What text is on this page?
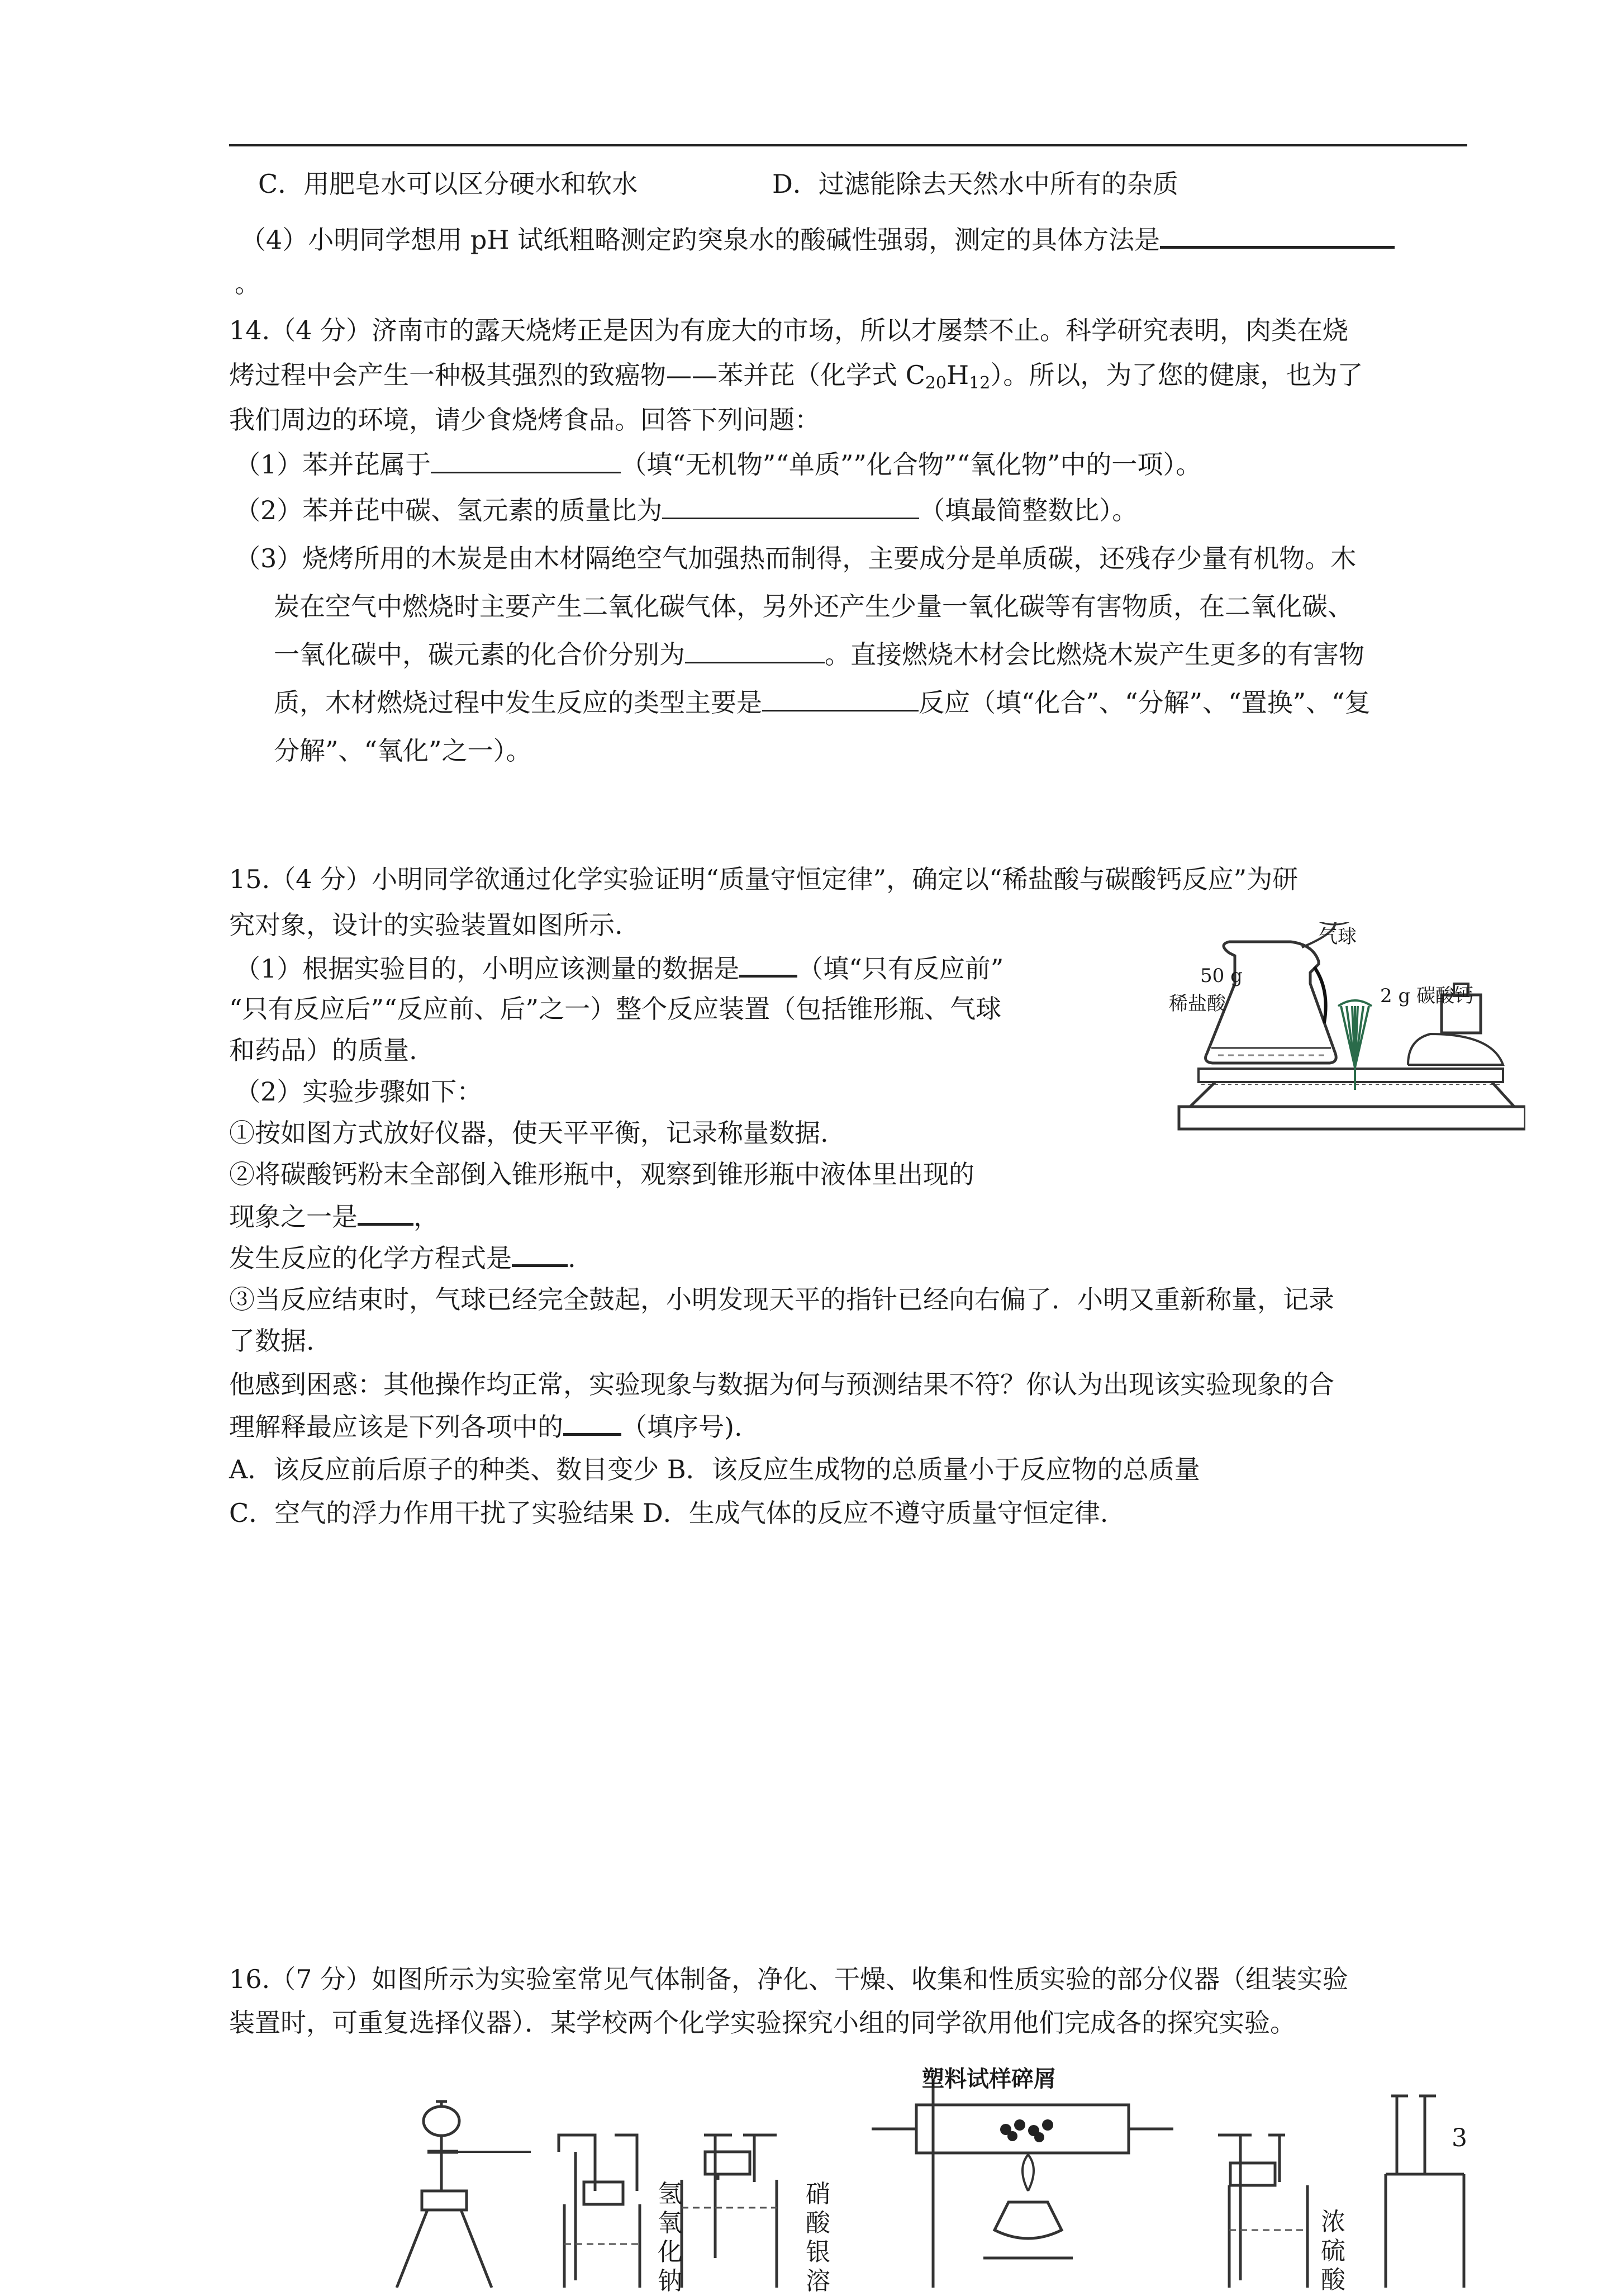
C．用肥皂水可以区分硬水和软水	D．过滤能除去天然水中所有的杂质
（4）小明同学想用 pH 试纸粗略测定趵突泉水的酸碱性强弱，测定的具体方法是
。
14.（4 分）济南市的露天烧烤正是因为有庞大的市场，所以才屡禁不止。科学研究表明，肉类在烧
烤过程中会产生一种极其强烈的致癌物——苯并芘（化学式 $C_{20}H_{12}$）。所以，为了您的健康，也为了
我们周边的环境，请少食烧烤食品。回答下列问题：
（1）苯并芘属于	（填“无机物”“单质””化合物”“氧化物”中的一项）。
（2）苯并芘中碳、氢元素的质量比为	（填最简整数比）。
（3）烧烤所用的木炭是由木材隔绝空气加强热而制得，主要成分是单质碳，还残存少量有机物。木
炭在空气中燃烧时主要产生二氧化碳气体，另外还产生少量一氧化碳等有害物质，在二氧化碳、
一氧化碳中，碳元素的化合价分别为	。直接燃烧木材会比燃烧木炭产生更多的有害物
质，木材燃烧过程中发生反应的类型主要是	反应（填“化合”、“分解”、“置换”、“复
分解”、“氧化”之一）。
15.（4 分）小明同学欲通过化学实验证明“质量守恒定律”，确定以“稀盐酸与碳酸钙反应”为研
究对象，设计的实验装置如图所示.
（1）根据实验目的，小明应该测量的数据是 （填“只有反应前”
“只有反应后”“反应前、后”之一）整个反应装置（包括锥形瓶、气球
和药品）的质量.
（2）实验步骤如下：
①按如图方式放好仪器，使天平平衡，记录称量数据.
②将碳酸钙粉末全部倒入锥形瓶中，观察到锥形瓶中液体里出现的
现象之一是 ，
发生反应的化学方程式是 .
③当反应结束时，气球已经完全鼓起，小明发现天平的指针已经向右偏了．小明又重新称量，记录
了数据.
他感到困惑：其他操作均正常，实验现象与数据为何与预测结果不符？你认为出现该实验现象的合
理解释最应该是下列各项中的 （填序号).
A．该反应前后原子的种类、数目变少 B．该反应生成物的总质量小于反应物的总质量
C．空气的浮力作用干扰了实验结果 D．生成气体的反应不遵守质量守恒定律.
气球
50 g
稀盐酸	2 g 碳酸钙
16.（7 分）如图所示为实验室常见气体制备，净化、干燥、收集和性质实验的部分仪器（组装实验
装置时，可重复选择仪器）．某学校两个化学实验探究小组的同学欲用他们完成各的探究实验。
塑料试样碎屑
氢
氧
化
钠
硝
酸
银
溶
浓
硫
酸
3
